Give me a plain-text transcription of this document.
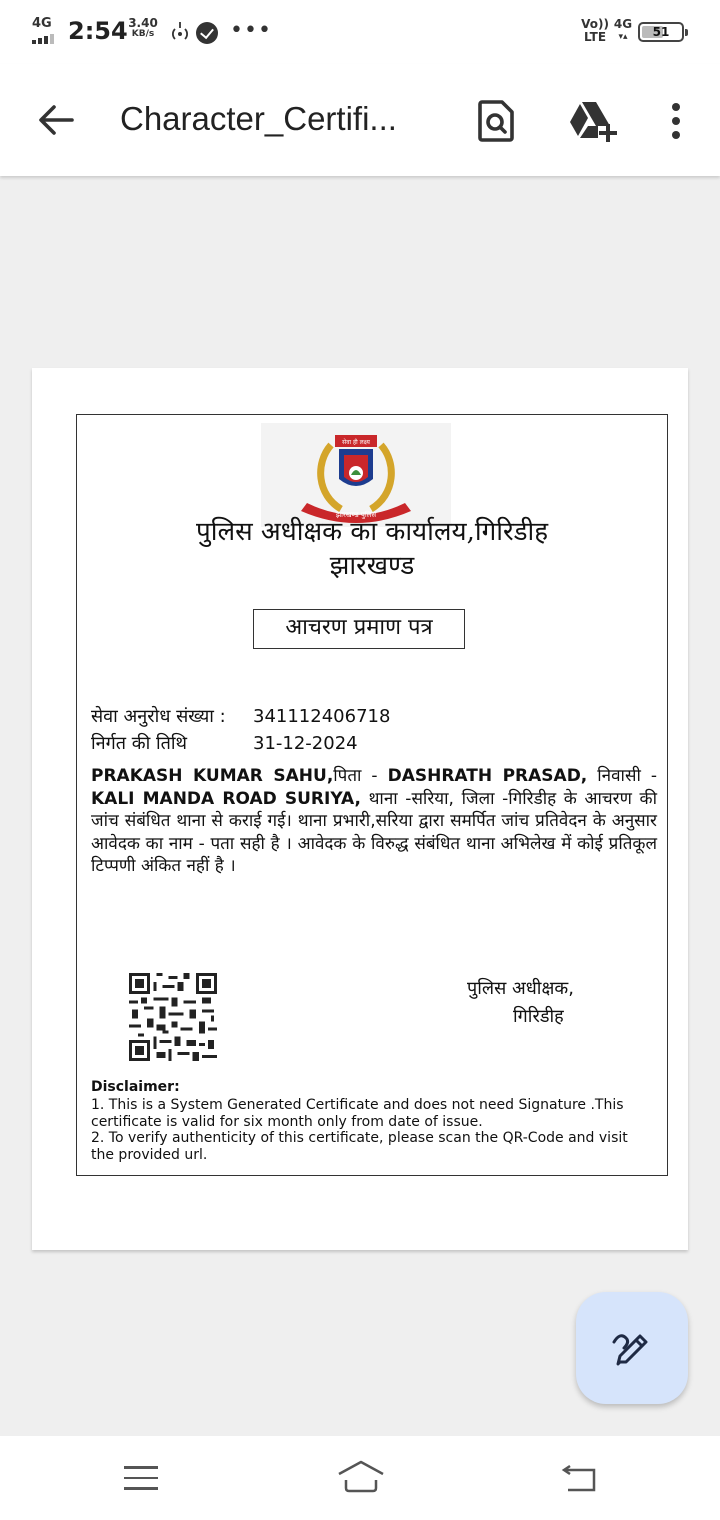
4G 2:54 3.40
KB/s	•••	Vo))
LTE
4G
▾▴	51
Character_Certifi...
सेवा ही लक्ष्य
झारखण्ड पुलिस
पुलिस अधीक्षक का कार्यालय,गिरिडीह
झारखण्ड
आचरण प्रमाण पत्र
सेवा अनुरोध संख्या : 341112406718
निर्गत की तिथि	31-12-2024
PRAKASH KUMAR SAHU,पिता - DASHRATH PRASAD, निवासी - KALI MANDA ROAD SURIYA, थाना -सरिया, जिला -गिरिडीह के आचरण की जांच संबंधित थाना से कराई गई। थाना प्रभारी,सरिया द्वारा समर्पित जांच प्रतिवेदन के अनुसार आवेदक का नाम - पता सही है । आवेदक के विरुद्ध संबंधित थाना अभिलेख में कोई प्रतिकूल टिप्पणी अंकित नहीं है ।
पुलिस अधीक्षक,
गिरिडीह
Disclaimer:
1. This is a System Generated Certificate and does not need Signature .This certificate is valid for six month only from date of issue.
2. To verify authenticity of this certificate, please scan the QR-Code and visit the provided url.
